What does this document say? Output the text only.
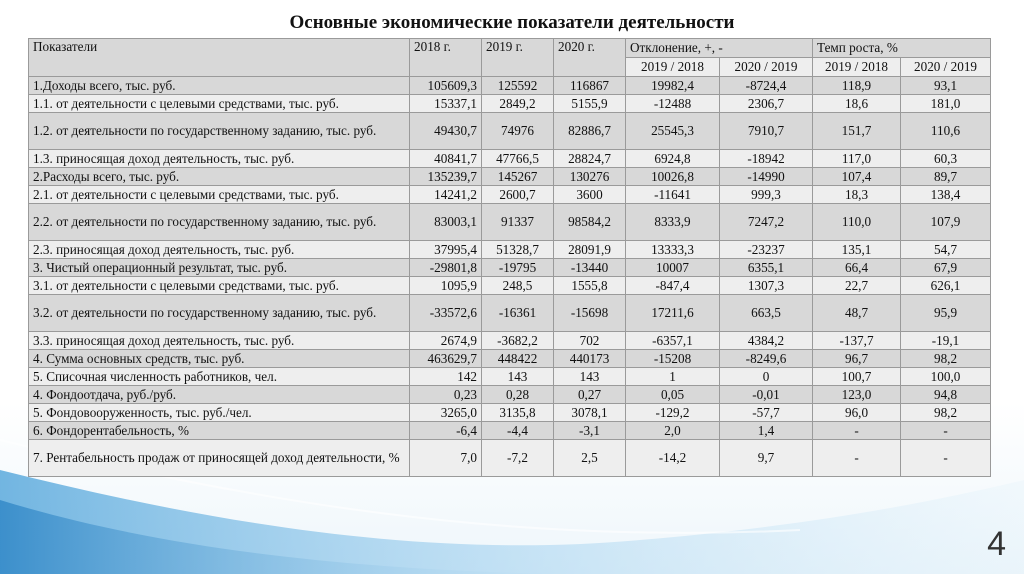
Основные экономические показатели деятельности
Показатели	2018 г.	2019 г.	2020 г.	Отклонение, +, -		Темп роста, %	
				2019 / 2018	2020 / 2019	2019 / 2018	2020 / 2019
1.Доходы всего, тыс. руб.	105609,3	125592	116867	19982,4	-8724,4	118,9	93,1
1.1. от деятельности с целевыми средствами, тыс. руб.	15337,1	2849,2	5155,9	-12488	2306,7	18,6	181,0
1.2. от деятельности по государственному заданию, тыс. руб.	49430,7	74976	82886,7	25545,3	7910,7	151,7	110,6
1.3. приносящая доход деятельность, тыс. руб.	40841,7	47766,5	28824,7	6924,8	-18942	117,0	60,3
2.Расходы всего, тыс. руб.	135239,7	145267	130276	10026,8	-14990	107,4	89,7
2.1. от деятельности с целевыми средствами, тыс. руб.	14241,2	2600,7	3600	-11641	999,3	18,3	138,4
2.2. от деятельности по государственному заданию, тыс. руб.	83003,1	91337	98584,2	8333,9	7247,2	110,0	107,9
2.3. приносящая доход деятельность, тыс. руб.	37995,4	51328,7	28091,9	13333,3	-23237	135,1	54,7
3. Чистый операционный результат, тыс. руб.	-29801,8	-19795	-13440	10007	6355,1	66,4	67,9
3.1. от деятельности с целевыми средствами, тыс. руб.	1095,9	248,5	1555,8	-847,4	1307,3	22,7	626,1
3.2. от деятельности по государственному заданию, тыс. руб.	-33572,6	-16361	-15698	17211,6	663,5	48,7	95,9
3.3. приносящая доход деятельность, тыс. руб.	2674,9	-3682,2	702	-6357,1	4384,2	-137,7	-19,1
4. Сумма основных средств, тыс. руб.	463629,7	448422	440173	-15208	-8249,6	96,7	98,2
5. Списочная численность работников, чел.	142	143	143	1	0	100,7	100,0
4. Фондоотдача, руб./руб.	0,23	0,28	0,27	0,05	-0,01	123,0	94,8
5. Фондовооруженность, тыс. руб./чел.	3265,0	3135,8	3078,1	-129,2	-57,7	96,0	98,2
6. Фондорентабельность, %	-6,4	-4,4	-3,1	2,0	1,4	-	-
7. Рентабельность продаж от приносящей доход деятельности, %	7,0	-7,2	2,5	-14,2	9,7	-	-
4
